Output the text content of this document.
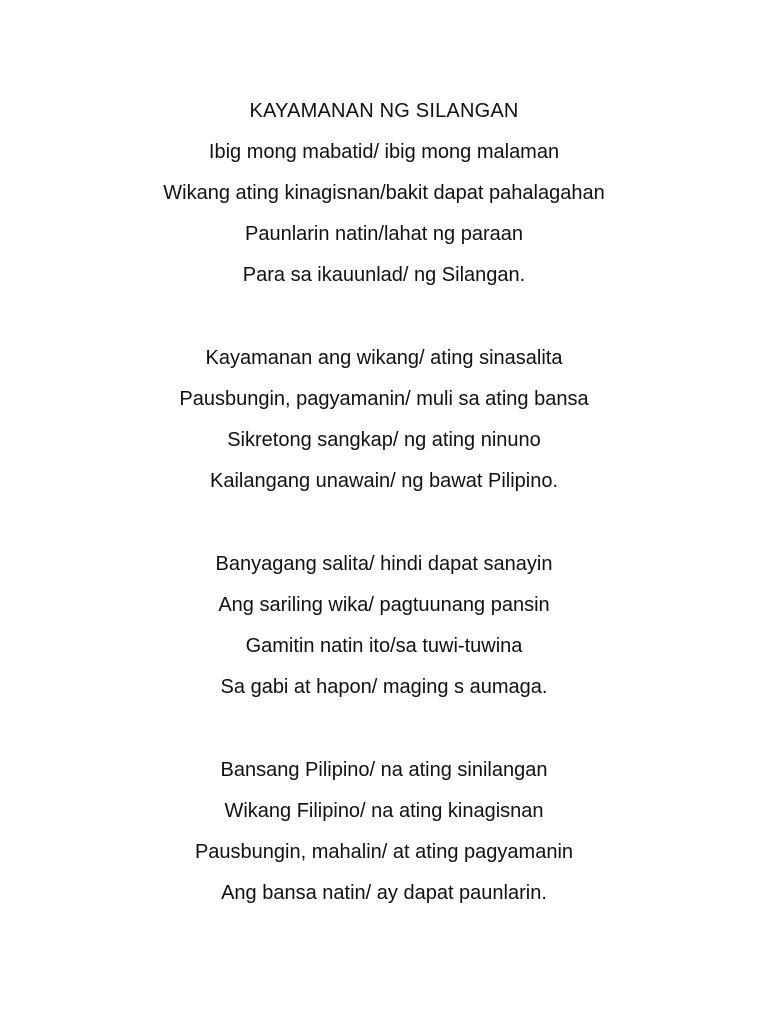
KAYAMANAN NG SILANGAN
Ibig mong mabatid/ ibig mong malaman
Wikang ating kinagisnan/bakit dapat pahalagahan
Paunlarin natin/lahat ng paraan
Para sa ikauunlad/ ng Silangan.
Kayamanan ang wikang/ ating sinasalita
Pausbungin, pagyamanin/ muli sa ating bansa
Sikretong sangkap/ ng ating ninuno
Kailangang unawain/ ng bawat Pilipino.
Banyagang salita/ hindi dapat sanayin
Ang sariling wika/ pagtuunang pansin
Gamitin natin ito/sa tuwi-tuwina
Sa gabi at hapon/ maging s aumaga.
Bansang Pilipino/ na ating sinilangan
Wikang Filipino/ na ating kinagisnan
Pausbungin, mahalin/ at ating pagyamanin
Ang bansa natin/ ay dapat paunlarin.
